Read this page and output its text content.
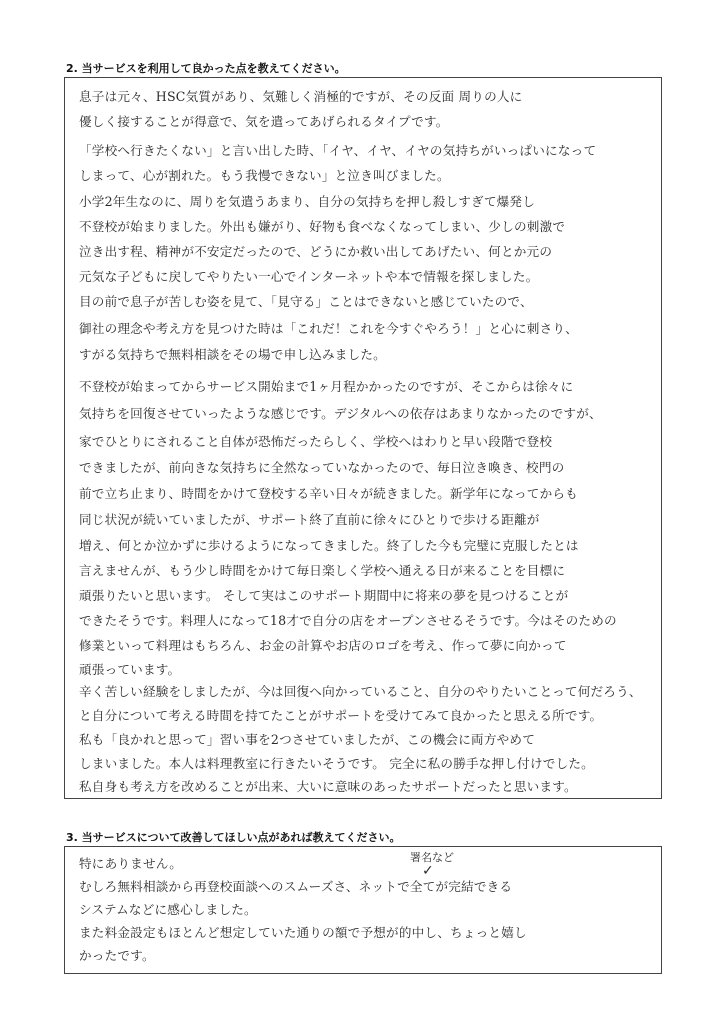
2. 当サービスを利用して良かった点を教えてください。
息子は元々、HSC気質があり、気難しく消極的ですが、その反面 周りの人に
優しく接することが得意で、気を遣ってあげられるタイプです。
「学校へ行きたくない」と言い出した時、「イヤ、イヤ、イヤの気持ちがいっぱいになって
しまって、心が割れた。もう我慢できない」と泣き叫びました。
小学2年生なのに、周りを気遣うあまり、自分の気持ちを押し殺しすぎて爆発し
不登校が始まりました。外出も嫌がり、好物も食べなくなってしまい、少しの刺激で
泣き出す程、精神が不安定だったので、どうにか救い出してあげたい、何とか元の
元気な子どもに戻してやりたい一心でインターネットや本で情報を探しました。
目の前で息子が苦しむ姿を見て、「見守る」ことはできないと感じていたので、
御社の理念や考え方を見つけた時は「これだ！これを今すぐやろう！」と心に刺さり、
すがる気持ちで無料相談をその場で申し込みました。
不登校が始まってからサービス開始まで1ヶ月程かかったのですが、そこからは徐々に
気持ちを回復させていったような感じです。デジタルへの依存はあまりなかったのですが、
家でひとりにされること自体が恐怖だったらしく、学校へはわりと早い段階で登校
できましたが、前向きな気持ちに全然なっていなかったので、毎日泣き喚き、校門の
前で立ち止まり、時間をかけて登校する辛い日々が続きました。新学年になってからも
同じ状況が続いていましたが、サポート終了直前に徐々にひとりで歩ける距離が
増え、何とか泣かずに歩けるようになってきました。終了した今も完璧に克服したとは
言えませんが、もう少し時間をかけて毎日楽しく学校へ通える日が来ることを目標に
頑張りたいと思います。 そして実はこのサポート期間中に将来の夢を見つけることが
できたそうです。料理人になって18才で自分の店をオープンさせるそうです。今はそのための
修業といって料理はもちろん、お金の計算やお店のロゴを考え、作って夢に向かって
頑張っています。
辛く苦しい経験をしましたが、今は回復へ向かっていること、自分のやりたいことって何だろう、
と自分について考える時間を持てたことがサポートを受けてみて良かったと思える所です。
私も「良かれと思って」習い事を2つさせていましたが、この機会に両方やめて
しまいました。本人は料理教室に行きたいそうです。 完全に私の勝手な押し付けでした。
私自身も考え方を改めることが出来、大いに意味のあったサポートだったと思います。
3. 当サービスについて改善してほしい点があれば教えてください。
署名など
✓
特にありません。
むしろ無料相談から再登校面談へのスムーズさ、ネットで全てが完結できる
システムなどに感心しました。
また料金設定もほとんど想定していた通りの額で予想が的中し、ちょっと嬉し
かったです。
